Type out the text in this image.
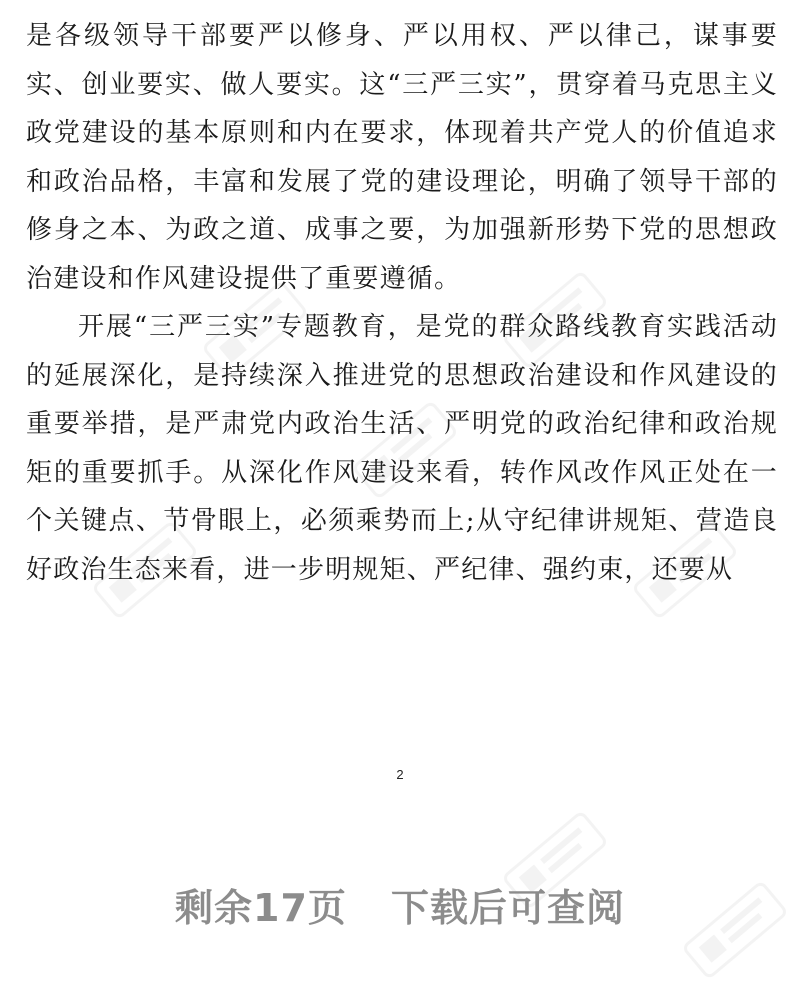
是各级领导干部要严以修身、严以用权、严以律己，谋事要实、创业要实、做人要实。这“三严三实”，贯穿着马克思主义政党建设的基本原则和内在要求，体现着共产党人的价值追求和政治品格，丰富和发展了党的建设理论，明确了领导干部的修身之本、为政之道、成事之要，为加强新形势下党的思想政治建设和作风建设提供了重要遵循。

开展“三严三实”专题教育，是党的群众路线教育实践活动的延展深化，是持续深入推进党的思想政治建设和作风建设的重要举措，是严肃党内政治生活、严明党的政治纪律和政治规矩的重要抓手。从深化作风建设来看，转作风改作风正处在一个关键点、节骨眼上，必须乘势而上;从守纪律讲规矩、营造良好政治生态来看，进一步明规矩、严纪律、强约束，还要从

2
剩余17页 下载后可查阅
